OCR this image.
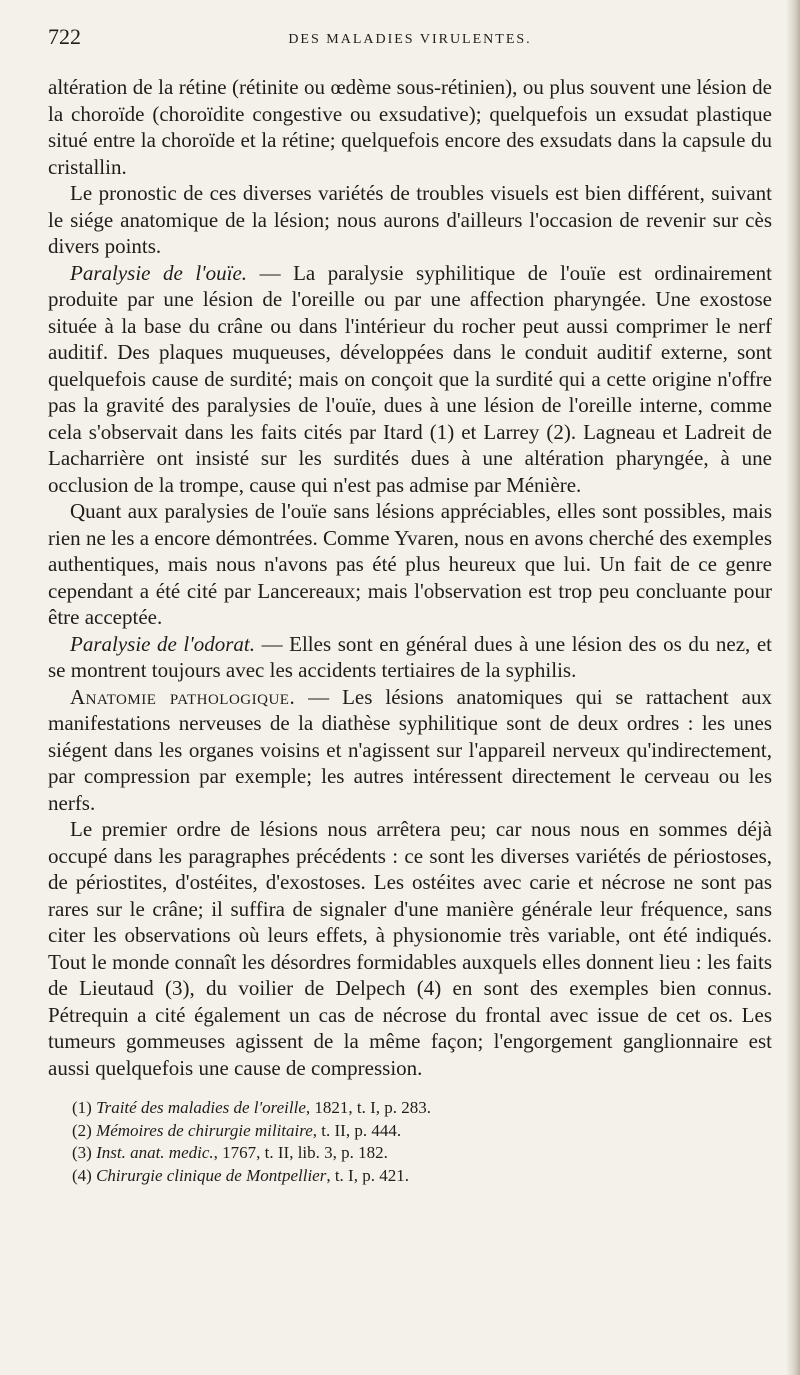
722	DES MALADIES VIRULENTES.

altération de la rétine (rétinite ou œdème sous-rétinien), ou plus souvent une lésion de la choroïde (choroïdite congestive ou exsudative); quelquefois un exsudat plastique situé entre la choroïde et la rétine; quelquefois encore des exsudats dans la capsule du cristallin.

Le pronostic de ces diverses variétés de troubles visuels est bien différent, suivant le siége anatomique de la lésion; nous aurons d'ailleurs l'occasion de revenir sur cès divers points.

Paralysie de l'ouïe. — La paralysie syphilitique de l'ouïe est ordinairement produite par une lésion de l'oreille ou par une affection pharyngée. Une exostose située à la base du crâne ou dans l'intérieur du rocher peut aussi comprimer le nerf auditif. Des plaques muqueuses, développées dans le conduit auditif externe, sont quelquefois cause de surdité; mais on conçoit que la surdité qui a cette origine n'offre pas la gravité des paralysies de l'ouïe, dues à une lésion de l'oreille interne, comme cela s'observait dans les faits cités par Itard (1) et Larrey (2). Lagneau et Ladreit de Lacharrière ont insisté sur les surdités dues à une altération pharyngée, à une occlusion de la trompe, cause qui n'est pas admise par Ménière.

Quant aux paralysies de l'ouïe sans lésions appréciables, elles sont possibles, mais rien ne les a encore démontrées. Comme Yvaren, nous en avons cherché des exemples authentiques, mais nous n'avons pas été plus heureux que lui. Un fait de ce genre cependant a été cité par Lancereaux; mais l'observation est trop peu concluante pour être acceptée.

Paralysie de l'odorat. — Elles sont en général dues à une lésion des os du nez, et se montrent toujours avec les accidents tertiaires de la syphilis.

Anatomie pathologique. — Les lésions anatomiques qui se rattachent aux manifestations nerveuses de la diathèse syphilitique sont de deux ordres : les unes siégent dans les organes voisins et n'agissent sur l'appareil nerveux qu'indirectement, par compression par exemple; les autres intéressent directement le cerveau ou les nerfs.

Le premier ordre de lésions nous arrêtera peu; car nous nous en sommes déjà occupé dans les paragraphes précédents : ce sont les diverses variétés de périostoses, de périostites, d'ostéites, d'exostoses. Les ostéites avec carie et nécrose ne sont pas rares sur le crâne; il suffira de signaler d'une manière générale leur fréquence, sans citer les observations où leurs effets, à physionomie très variable, ont été indiqués. Tout le monde connaît les désordres formidables auxquels elles donnent lieu : les faits de Lieutaud (3), du voilier de Delpech (4) en sont des exemples bien connus. Pétrequin a cité également un cas de nécrose du frontal avec issue de cet os. Les tumeurs gommeuses agissent de la même façon; l'engorgement ganglionnaire est aussi quelquefois une cause de compression.

(1) Traité des maladies de l'oreille, 1821, t. I, p. 283.

(2) Mémoires de chirurgie militaire, t. II, p. 444.

(3) Inst. anat. medic., 1767, t. II, lib. 3, p. 182.

(4) Chirurgie clinique de Montpellier, t. I, p. 421.
